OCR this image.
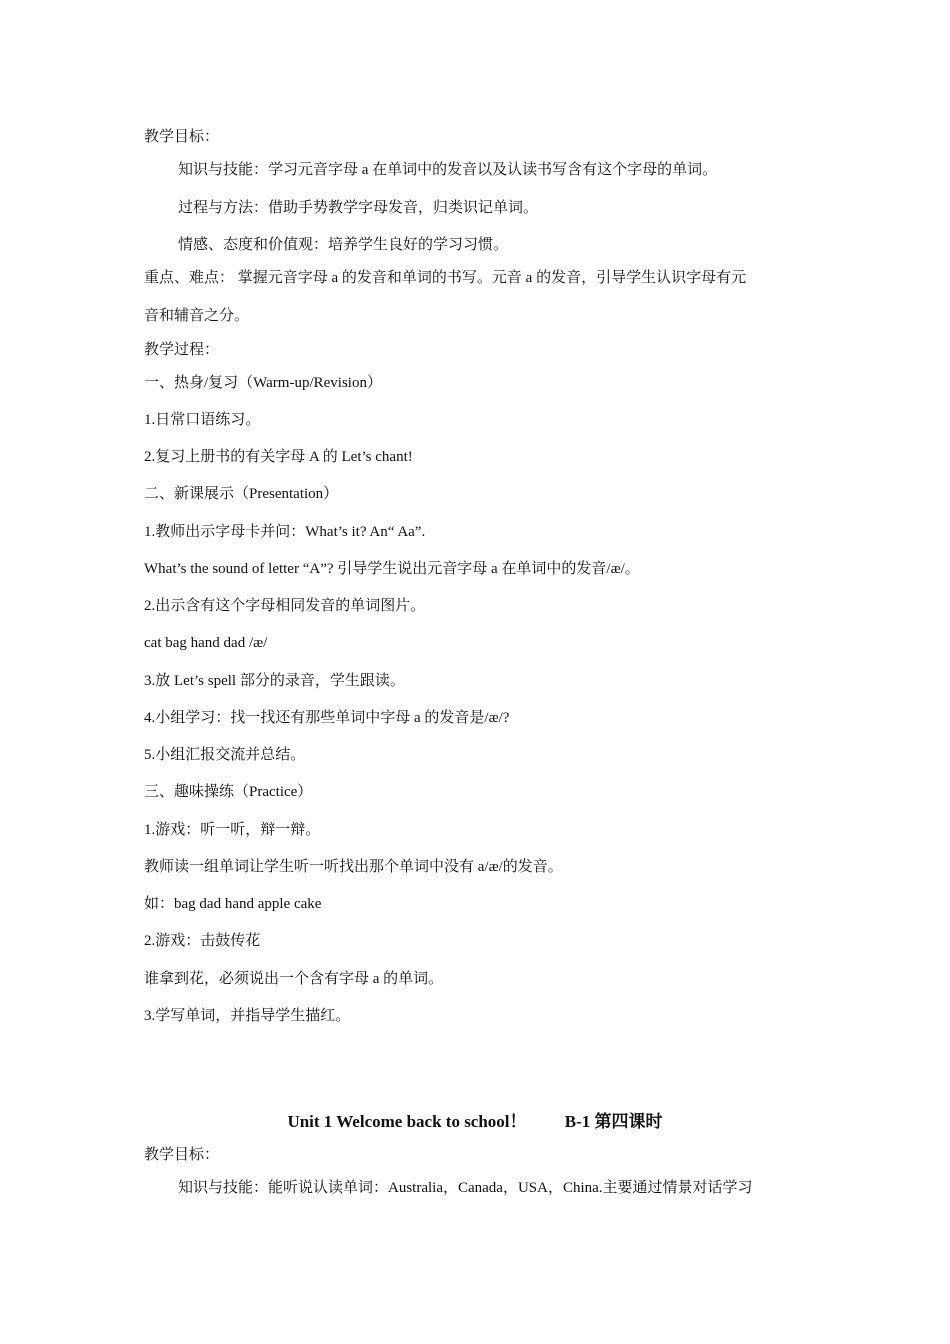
教学目标：
知识与技能：学习元音字母 a 在单词中的发音以及认读书写含有这个字母的单词。
过程与方法：借助手势教学字母发音，归类识记单词。
情感、态度和价值观：培养学生良好的学习习惯。
重点、难点： 掌握元音字母 a 的发音和单词的书写。元音 a 的发音，引导学生认识字母有元
音和辅音之分。
教学过程：
一、热身/复习（Warm-up/Revision）
1.日常口语练习。
2.复习上册书的有关字母 A 的 Let’s chant!
二、新课展示（Presentation）
1.教师出示字母卡并问：What’s it? An“ Aa”.
What’s the sound of letter “A”? 引导学生说出元音字母 a 在单词中的发音/æ/。
2.出示含有这个字母相同发音的单词图片。
cat bag hand dad /æ/
3.放 Let’s spell 部分的录音，学生跟读。
4.小组学习：找一找还有那些单词中字母 a 的发音是/æ/?
5.小组汇报交流并总结。
三、趣味操练（Practice）
1.游戏：听一听，辩一辩。
教师读一组单词让学生听一听找出那个单词中没有 a/æ/的发音。
如：bag dad hand apple cake
2.游戏：击鼓传花
谁拿到花，必须说出一个含有字母 a 的单词。
3.学写单词，并指导学生描红。
Unit 1 Welcome back to school！         B-1 第四课时
教学目标：
知识与技能：能听说认读单词：Australia，Canada，USA，China.主要通过情景对话学习
